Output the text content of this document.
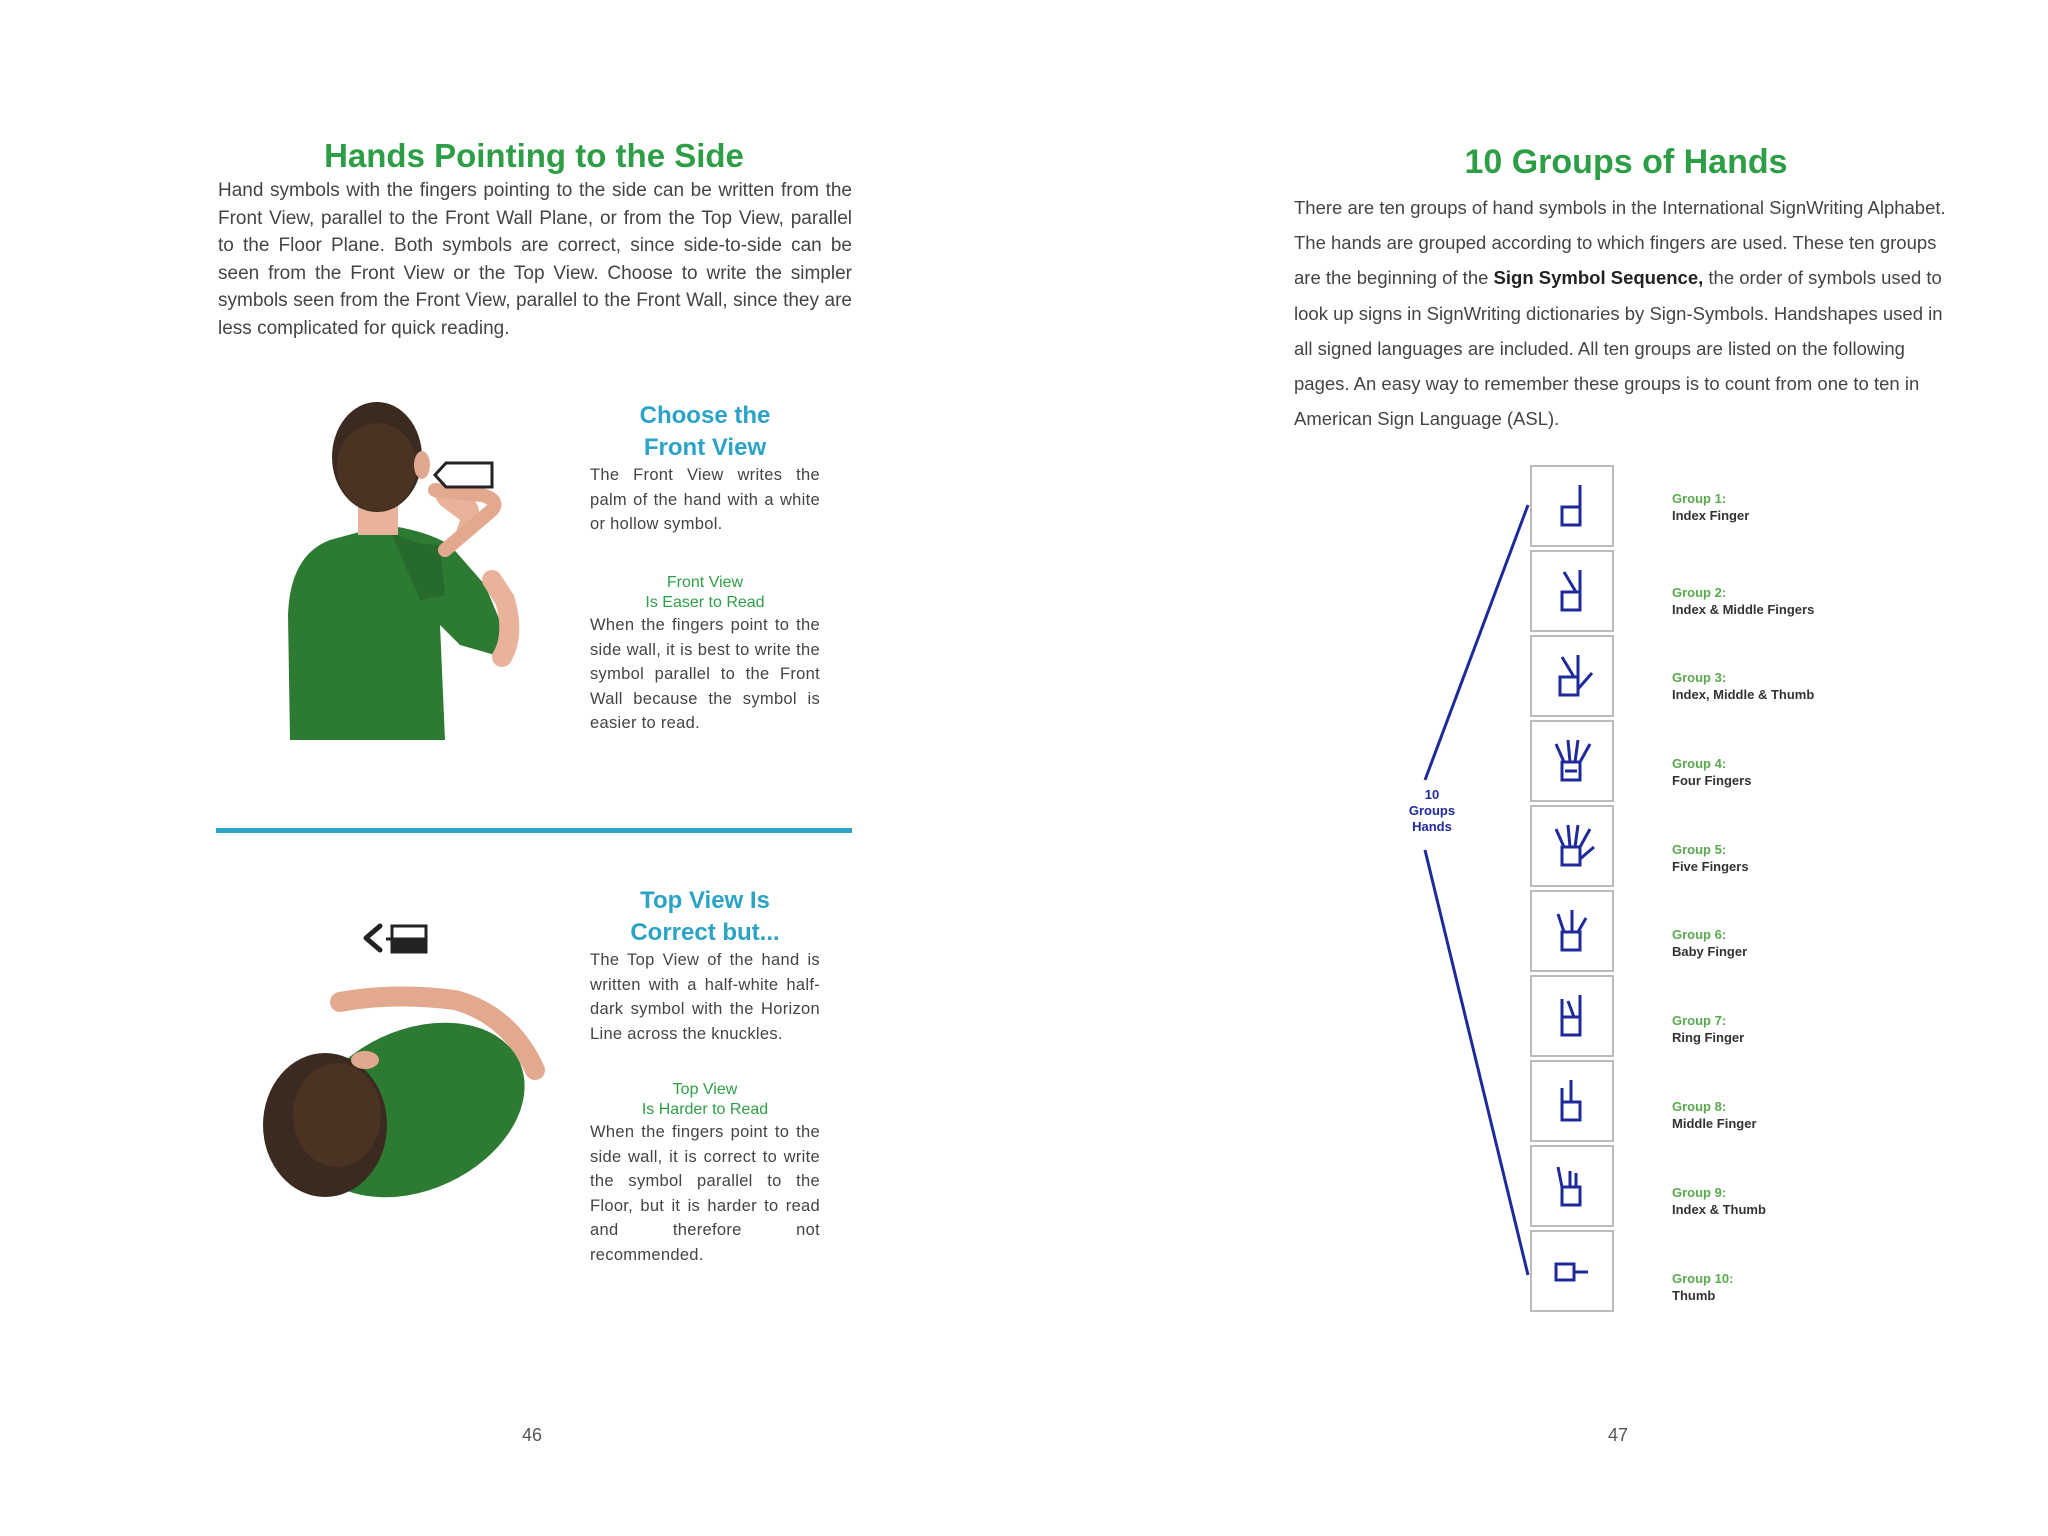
Hands Pointing to the Side
Hand symbols with the fingers pointing to the side can be written from the Front View, parallel to the Front Wall Plane, or from the Top View, parallel to the Floor Plane. Both symbols are correct, since side-to-side can be seen from the Front View or the Top View. Choose to write the simpler symbols seen from the Front View, parallel to the Front Wall, since they are less complicated for quick reading.
Choose the
Front View
The Front View writes the palm of the hand with a white or hollow symbol.
Front View
Is Easer to Read
When the fingers point to the side wall, it is best to write the symbol parallel to the Front Wall because the symbol is easier to read.
Top View Is
Correct but...
The Top View of the hand is written with a half-white half-dark symbol with the Horizon Line across the knuckles.
Top View
Is Harder to Read
When the fingers point to the side wall, it is correct to write the symbol parallel to the Floor, but it is harder to read and therefore not recommended.
46
10 Groups of Hands
There are ten groups of hand symbols in the International SignWriting Alphabet. The hands are grouped according to which fingers are used. These ten groups are the beginning of the Sign Symbol Sequence, the order of symbols used to look up signs in SignWriting dictionaries by Sign-Symbols. Handshapes used in all signed languages are included. All ten groups are listed on the following pages. An easy way to remember these groups is to count from one to ten in American Sign Language (ASL).
10
Groups
Hands
Group 1:
Index Finger
Group 2:
Index & Middle Fingers
Group 3:
Index, Middle & Thumb
Group 4:
Four Fingers
Group 5:
Five Fingers
Group 6:
Baby Finger
Group 7:
Ring Finger
Group 8:
Middle Finger
Group 9:
Index & Thumb
Group 10:
Thumb
47
